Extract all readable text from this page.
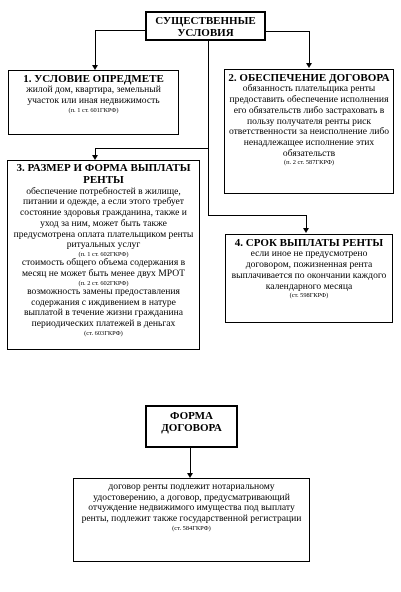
СУЩЕСТВЕННЫЕ
УСЛОВИЯ
1. УСЛОВИЕ ОПРЕДМЕТЕ
жилой дом, квартира, земельный участок или иная недвижимость
(п. 1 ст. 601ГКРФ)
2. ОБЕСПЕЧЕНИЕ ДОГОВОРА
обязанность плательщика ренты предоставить обеспечение исполнения его обязательств либо застраховать в пользу получателя ренты риск ответственности за неисполнение либо ненадлежащее исполнение этих обязательств
(п. 2 ст. 587ГКРФ)
3. РАЗМЕР И ФОРМА ВЫПЛАТЫ РЕНТЫ
обеспечение потребностей в жилище, питании и одежде, а если этого требует состояние здоровья гражданина, также и уход за ним, может быть также предусмотрена оплата плательщиком ренты ритуальных услуг
(п. 1 ст. 602ГКРФ)
стоимость общего объема содержания в месяц не может быть менее двух МРОТ
(п. 2 ст. 602ГКРФ)
возможность замены предоставления содержания с иждивением в натуре выплатой в течение жизни гражданина периодических платежей в деньгах
(ст. 603ГКРФ)
4. СРОК ВЫПЛАТЫ РЕНТЫ
если иное не предусмотрено договором, пожизненная рента выплачивается по окончании каждого календарного месяца
(ст. 598ГКРФ)
ФОРМА
ДОГОВОРА
договор ренты подлежит нотариальному удостоверению, а договор, предусматривающий отчуждение недвижимого имущества под выплату ренты, подлежит также государственной регистрации
(ст. 584ГКРФ)
